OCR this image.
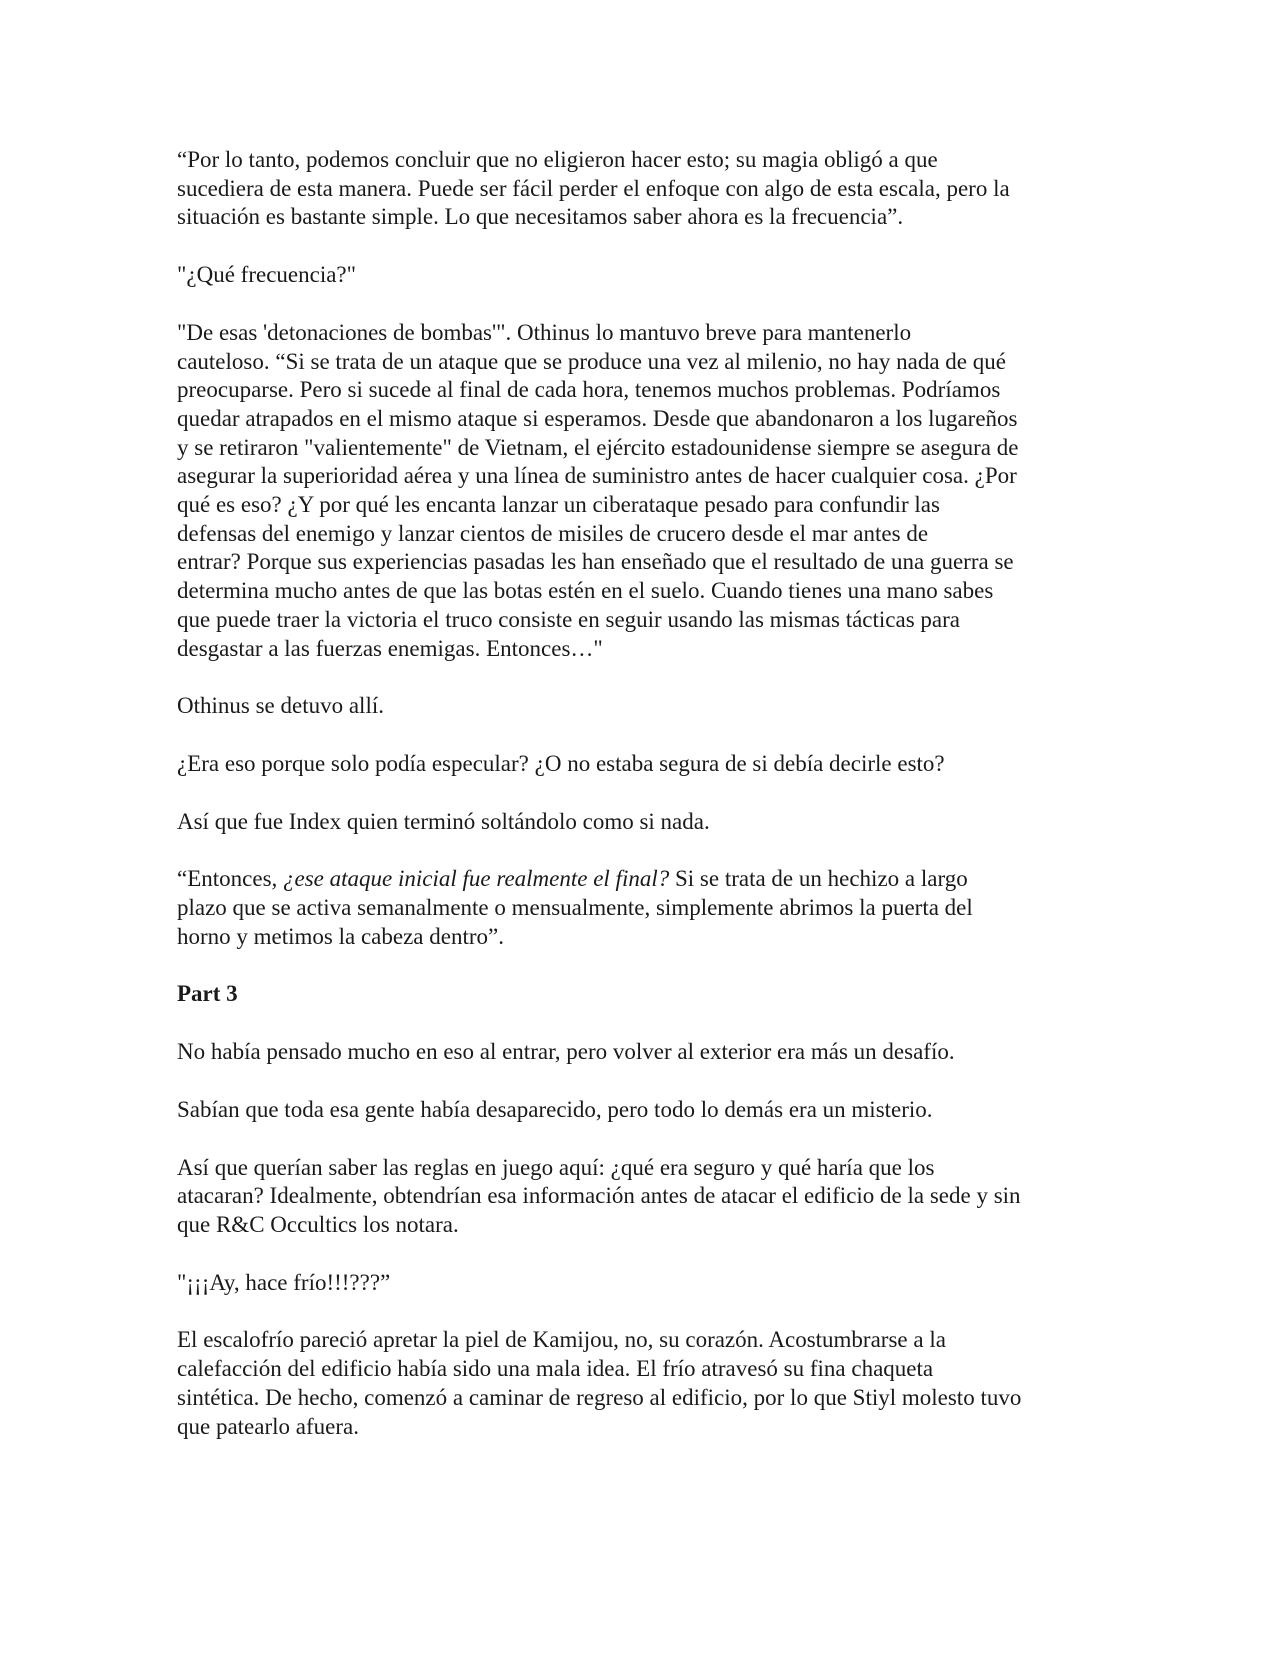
“Por lo tanto, podemos concluir que no eligieron hacer esto; su magia obligó a que
sucediera de esta manera. Puede ser fácil perder el enfoque con algo de esta escala, pero la
situación es bastante simple. Lo que necesitamos saber ahora es la frecuencia”.

"¿Qué frecuencia?"

"De esas 'detonaciones de bombas'". Othinus lo mantuvo breve para mantenerlo
cauteloso. “Si se trata de un ataque que se produce una vez al milenio, no hay nada de qué
preocuparse. Pero si sucede al final de cada hora, tenemos muchos problemas. Podríamos
quedar atrapados en el mismo ataque si esperamos. Desde que abandonaron a los lugareños
y se retiraron "valientemente" de Vietnam, el ejército estadounidense siempre se asegura de
asegurar la superioridad aérea y una línea de suministro antes de hacer cualquier cosa. ¿Por
qué es eso? ¿Y por qué les encanta lanzar un ciberataque pesado para confundir las
defensas del enemigo y lanzar cientos de misiles de crucero desde el mar antes de
entrar? Porque sus experiencias pasadas les han enseñado que el resultado de una guerra se
determina mucho antes de que las botas estén en el suelo. Cuando tienes una mano sabes
que puede traer la victoria el truco consiste en seguir usando las mismas tácticas para
desgastar a las fuerzas enemigas. Entonces…"

Othinus se detuvo allí.

¿Era eso porque solo podía especular? ¿O no estaba segura de si debía decirle esto?

Así que fue Index quien terminó soltándolo como si nada.

“Entonces, ¿ese ataque inicial fue realmente el final? Si se trata de un hechizo a largo
plazo que se activa semanalmente o mensualmente, simplemente abrimos la puerta del
horno y metimos la cabeza dentro”.

Part 3

No había pensado mucho en eso al entrar, pero volver al exterior era más un desafío.

Sabían que toda esa gente había desaparecido, pero todo lo demás era un misterio.

Así que querían saber las reglas en juego aquí: ¿qué era seguro y qué haría que los
atacaran? Idealmente, obtendrían esa información antes de atacar el edificio de la sede y sin
que R&C Occultics los notara.

"¡¡¡Ay, hace frío!!!???”

El escalofrío pareció apretar la piel de Kamijou, no, su corazón. Acostumbrarse a la
calefacción del edificio había sido una mala idea. El frío atravesó su fina chaqueta
sintética. De hecho, comenzó a caminar de regreso al edificio, por lo que Stiyl molesto tuvo
que patearlo afuera.
